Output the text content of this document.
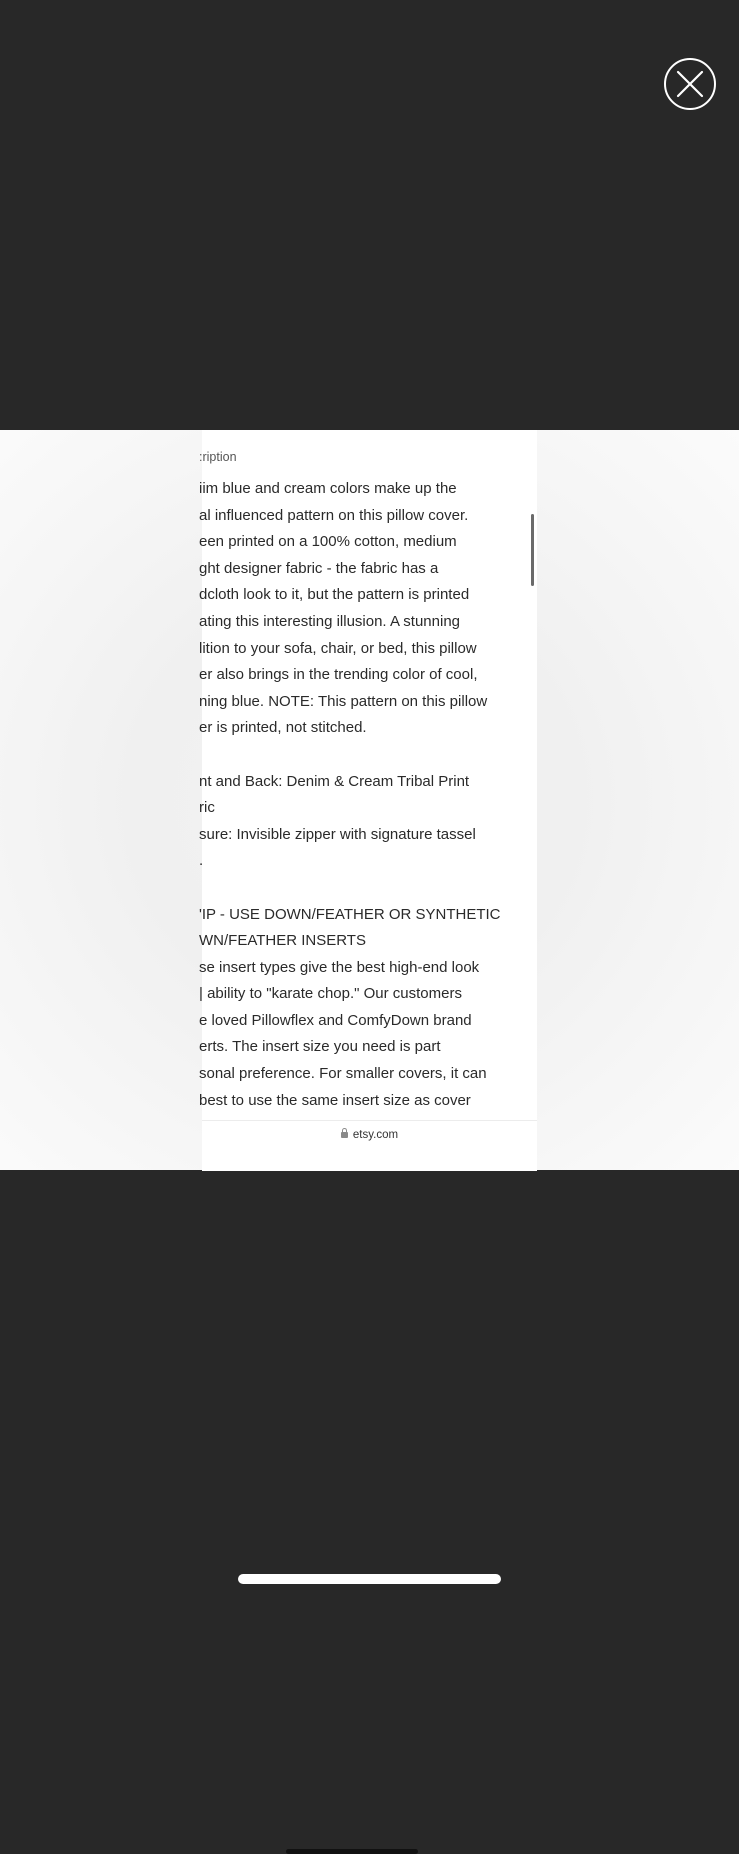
:ription
iim blue and cream colors make up the
al influenced pattern on this pillow cover.
een printed on a 100% cotton, medium
ght designer fabric - the fabric has a
dcloth look to it, but the pattern is printed
ating this interesting illusion. A stunning
lition to your sofa, chair, or bed, this pillow
er also brings in the trending color of cool,
ning blue. NOTE: This pattern on this pillow
er is printed, not stitched.
nt and Back: Denim & Cream Tribal Print
ric
sure: Invisible zipper with signature tassel
.
'IP - USE DOWN/FEATHER OR SYNTHETIC
WN/FEATHER INSERTS
se insert types give the best high-end look
| ability to "karate chop." Our customers
e loved Pillowflex and ComfyDown brand
erts. The insert size you need is part
sonal preference. For smaller covers, it can
best to use the same insert size as cover
etsy.com
